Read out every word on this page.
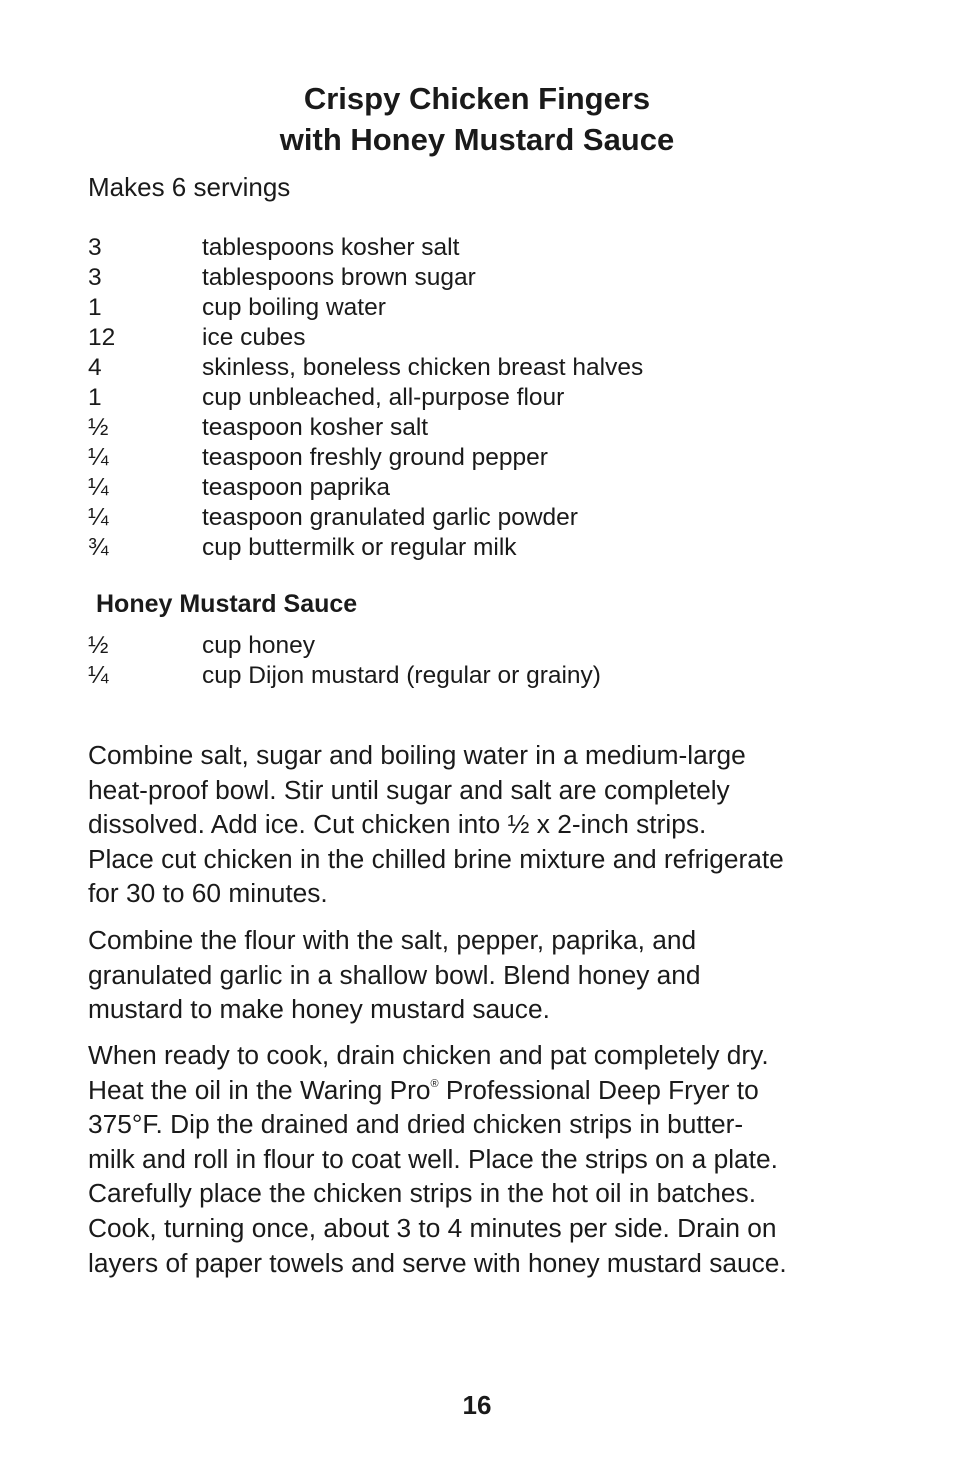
Crispy Chicken Fingers
with Honey Mustard Sauce
Makes 6 servings
3	tablespoons kosher salt
3	tablespoons brown sugar
1	cup boiling water
12	ice cubes
4	skinless, boneless chicken breast halves
1	cup unbleached, all-purpose flour
½	teaspoon kosher salt
¼	teaspoon freshly ground pepper
¼	teaspoon paprika
¼	teaspoon granulated garlic powder
¾	cup buttermilk or regular milk
Honey Mustard Sauce
½	cup honey
¼	cup Dijon mustard (regular or grainy)

Combine salt, sugar and boiling water in a medium-large
heat-proof bowl. Stir until sugar and salt are completely
dissolved. Add ice. Cut chicken into ½ x 2-inch strips.
Place cut chicken in the chilled brine mixture and refrigerate
for 30 to 60 minutes.

Combine the flour with the salt, pepper, paprika, and
granulated garlic in a shallow bowl. Blend honey and
mustard to make honey mustard sauce.

When ready to cook, drain chicken and pat completely dry.
Heat the oil in the Waring Pro® Professional Deep Fryer to
375°F. Dip the drained and dried chicken strips in butter-
milk and roll in flour to coat well. Place the strips on a plate.
Carefully place the chicken strips in the hot oil in batches.
Cook, turning once, about 3 to 4 minutes per side. Drain on
layers of paper towels and serve with honey mustard sauce.

16
